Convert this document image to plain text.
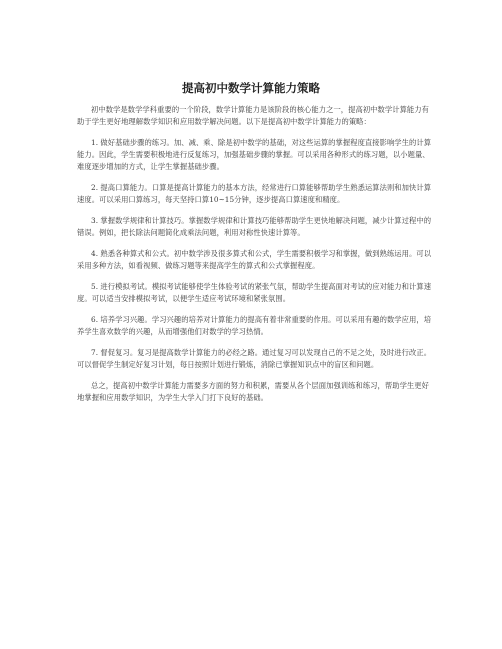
提高初中数学计算能力策略

初中数学是数学学科重要的一个阶段，数学计算能力是该阶段的核心能力之一，提高初中数学计算能力有助于学生更好地理解数学知识和应用数学解决问题。以下是提高初中数学计算能力的策略：

1. 做好基础步骤的练习。加、减、乘、除是初中数学的基础，对这些运算的掌握程度直接影响学生的计算能力。因此，学生需要积极地进行反复练习，加强基础步骤的掌握。可以采用各种形式的练习题，以小题量、难度逐步增加的方式，让学生掌握基础步骤。

2. 提高口算能力。口算是提高计算能力的基本方法，经常进行口算能够帮助学生熟悉运算法则和加快计算速度。可以采用口算练习，每天坚持口算10~15分钟，逐步提高口算速度和精度。

3. 掌握数学规律和计算技巧。掌握数学规律和计算技巧能够帮助学生更快地解决问题，减少计算过程中的错误。例如，把长除法问题简化成乘法问题，利用对称性快速计算等。

4. 熟悉各种算式和公式。初中数学涉及很多算式和公式，学生需要积极学习和掌握，做到熟练运用。可以采用多种方法，如看视频、做练习题等来提高学生的算式和公式掌握程度。

5. 进行模拟考试。模拟考试能够使学生体验考试的紧张气氛，帮助学生提高面对考试的应对能力和计算速度。可以适当安排模拟考试，以便学生适应考试环境和紧张氛围。

6. 培养学习兴趣。学习兴趣的培养对计算能力的提高有着非常重要的作用。可以采用有趣的数学应用，培养学生喜欢数学的兴趣，从而增强他们对数学的学习热情。

7. 督促复习。复习是提高数学计算能力的必经之路。通过复习可以发现自己的不足之处，及时进行改正。可以督促学生制定好复习计划，每日按照计划进行锻炼，消除已掌握知识点中的盲区和问题。

总之，提高初中数学计算能力需要多方面的努力和积累，需要从各个层面加强训练和练习，帮助学生更好地掌握和应用数学知识，为学生大学入门打下良好的基础。
